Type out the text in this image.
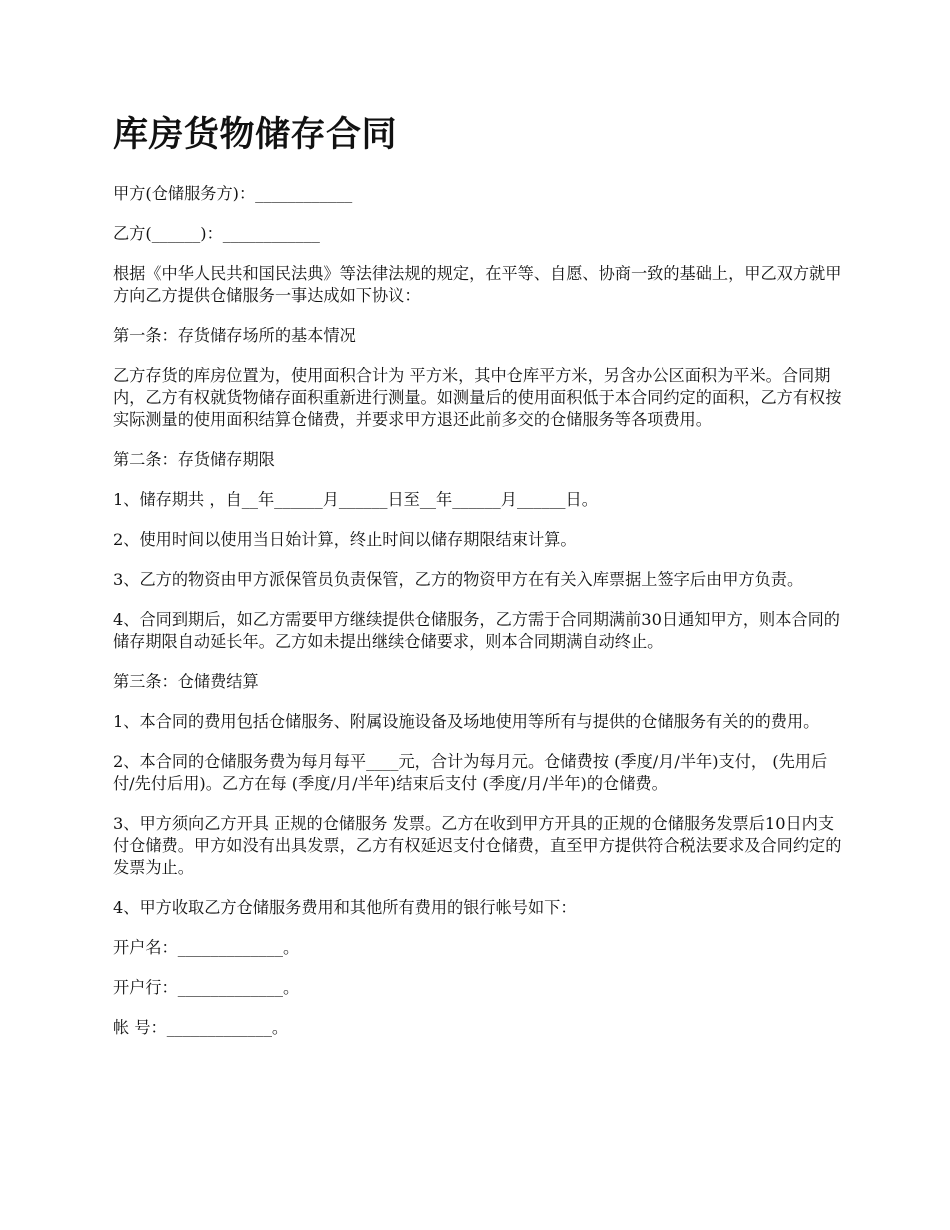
库房货物储存合同

甲方(仓储服务方)：____________

乙方(______)：____________

根据《中华人民共和国民法典》等法律法规的规定，在平等、自愿、协商一致的基础上，甲乙双方就甲方向乙方提供仓储服务一事达成如下协议：

第一条：存货储存场所的基本情况

乙方存货的库房位置为，使用面积合计为 平方米，其中仓库平方米，另含办公区面积为平米。合同期内，乙方有权就货物储存面积重新进行测量。如测量后的使用面积低于本合同约定的面积，乙方有权按实际测量的使用面积结算仓储费，并要求甲方退还此前多交的仓储服务等各项费用。

第二条：存货储存期限

1、储存期共 ，自__年______月______日至__年______月______日。

2、使用时间以使用当日始计算，终止时间以储存期限结束计算。

3、乙方的物资由甲方派保管员负责保管，乙方的物资甲方在有关入库票据上签字后由甲方负责。

4、合同到期后，如乙方需要甲方继续提供仓储服务，乙方需于合同期满前30日通知甲方，则本合同的储存期限自动延长年。乙方如未提出继续仓储要求，则本合同期满自动终止。

第三条：仓储费结算

1、本合同的费用包括仓储服务、附属设施设备及场地使用等所有与提供的仓储服务有关的的费用。

2、本合同的仓储服务费为每月每平____元，合计为每月元。仓储费按 (季度/月/半年)支付， (先用后付/先付后用)。乙方在每 (季度/月/半年)结束后支付 (季度/月/半年)的仓储费。

3、甲方须向乙方开具 正规的仓储服务 发票。乙方在收到甲方开具的正规的仓储服务发票后10日内支付仓储费。甲方如没有出具发票，乙方有权延迟支付仓储费，直至甲方提供符合税法要求及合同约定的发票为止。

4、甲方收取乙方仓储服务费用和其他所有费用的银行帐号如下：

开户名：_____________。

开户行：_____________。

帐 号：_____________。
